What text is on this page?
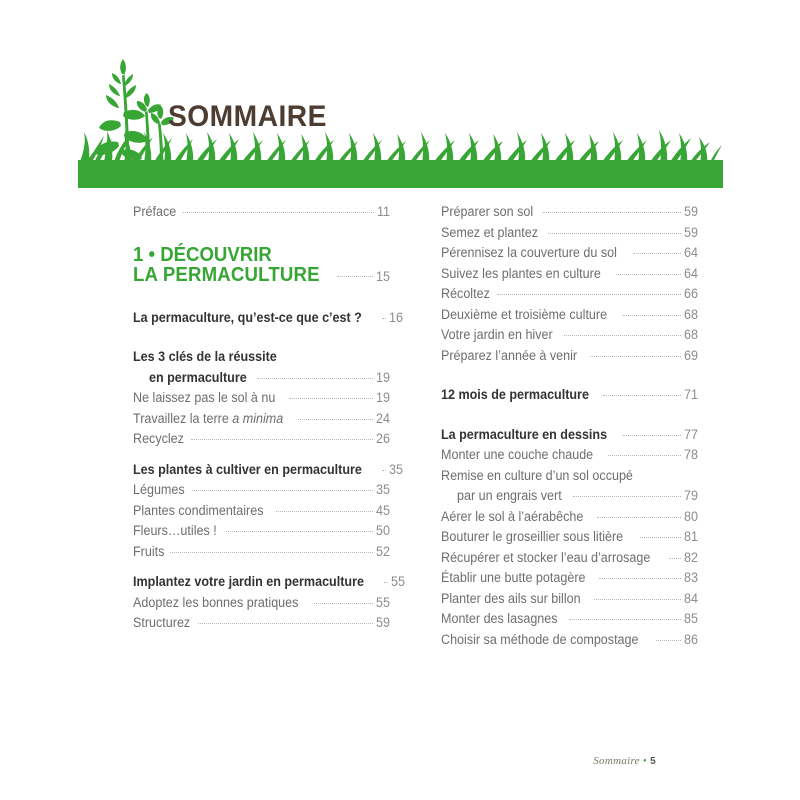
SOMMAIRE
Préface	11
1 • DÉCOUVRIR
LA PERMACULTURE	15
La permaculture, qu’est-ce que c’est ? 16
Les 3 clés de la réussite
en permaculture	19
Ne laissez pas le sol à nu	19
Travaillez la terre a minima	24
Recyclez	26
Les plantes à cultiver en permaculture 35
Légumes	35
Plantes condimentaires	45
Fleurs…utiles !	50
Fruits	52
Implantez votre jardin en permaculture 55
Adoptez les bonnes pratiques	55
Structurez	59
Préparer son sol	59
Semez et plantez	59
Pérennisez la couverture du sol	64
Suivez les plantes en culture	64
Récoltez	66
Deuxième et troisième culture	68
Votre jardin en hiver	68
Préparez l’année à venir	69
12 mois de permaculture	71
La permaculture en dessins	77
Monter une couche chaude	78
Remise en culture d’un sol occupé
par un engrais vert	79
Aérer le sol à l’aérabêche	80
Bouturer le groseillier sous litière	81
Récupérer et stocker l’eau d’arrosage 82
Établir une butte potagère	83
Planter des ails sur billon	84
Monter des lasagnes	85
Choisir sa méthode de compostage	86
Sommaire • 5
